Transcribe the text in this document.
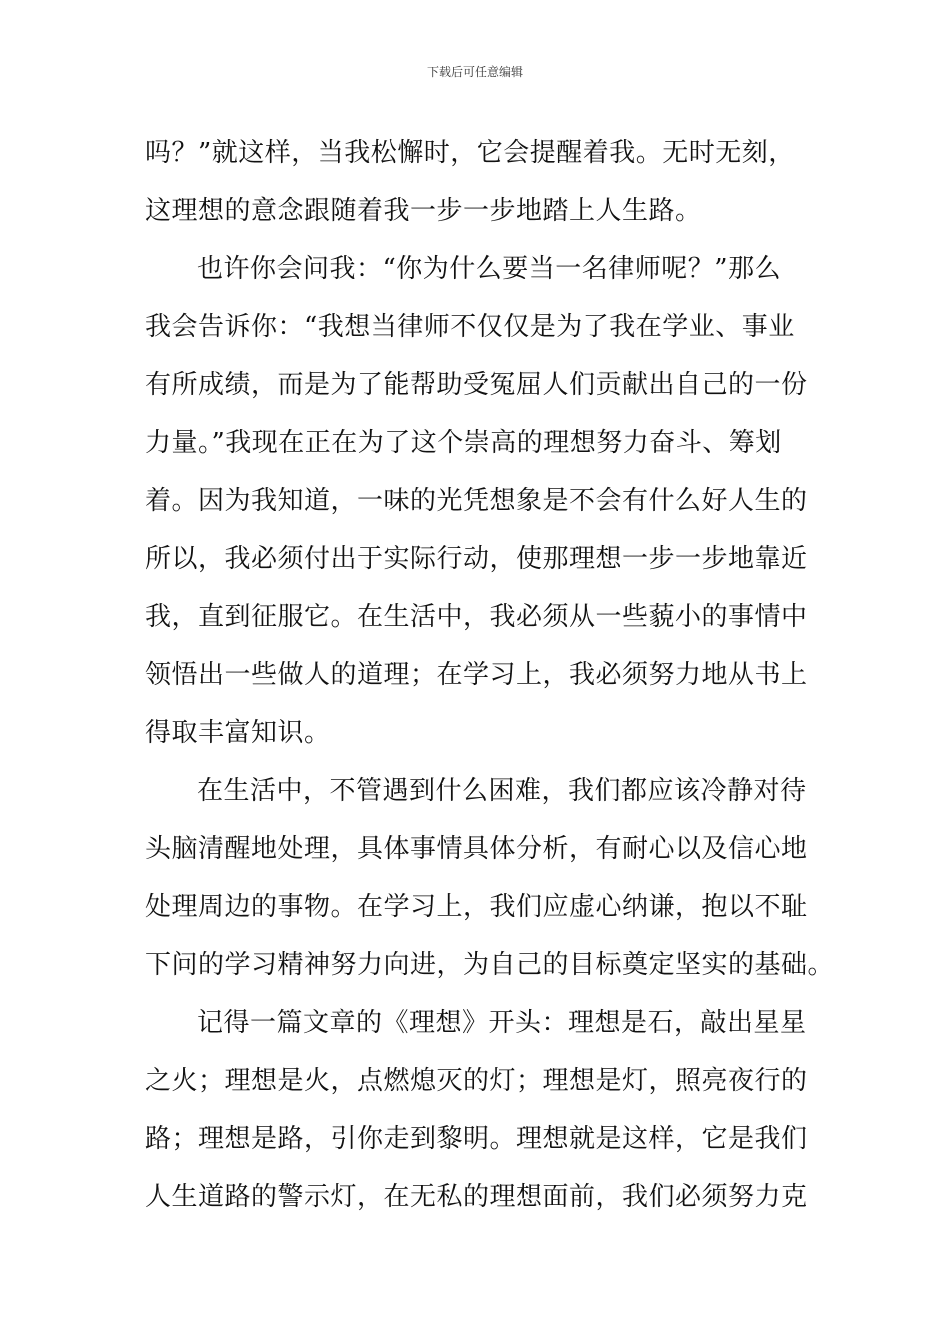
下载后可任意编辑
吗？”就这样，当我松懈时，它会提醒着我。无时无刻，
这理想的意念跟随着我一步一步地踏上人生路。
也许你会问我：“你为什么要当一名律师呢？”那么
我会告诉你：“我想当律师不仅仅是为了我在学业、事业
有所成绩，而是为了能帮助受冤屈人们贡献出自己的一份
力量。”我现在正在为了这个崇高的理想努力奋斗、筹划
着。因为我知道，一味的光凭想象是不会有什么好人生的
所以，我必须付出于实际行动，使那理想一步一步地靠近
我，直到征服它。在生活中，我必须从一些藐小的事情中
领悟出一些做人的道理；在学习上，我必须努力地从书上
得取丰富知识。
在生活中，不管遇到什么困难，我们都应该冷静对待
头脑清醒地处理，具体事情具体分析，有耐心以及信心地
处理周边的事物。在学习上，我们应虚心纳谦，抱以不耻
下问的学习精神努力向进，为自己的目标奠定坚实的基础。
记得一篇文章的《理想》开头：理想是石，敲出星星
之火；理想是火，点燃熄灭的灯；理想是灯，照亮夜行的
路；理想是路，引你走到黎明。理想就是这样，它是我们
人生道路的警示灯，在无私的理想面前，我们必须努力克
